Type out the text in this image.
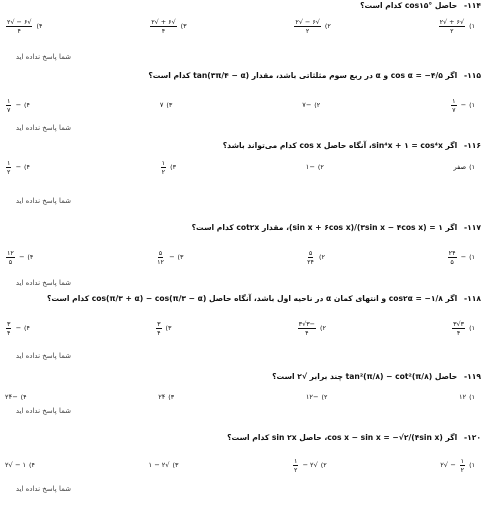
۱۱۴- حاصل cos۱۵° کدام است؟
۱)
$\frac{√۶ + √۲}{۲}$
۲)
$\frac{√۶ - √۲}{۲}$
۳)
$\frac{√۶ + √۲}{۴}$
۴)
$\frac{√۶ - √۲}{۴}$
شما پاسخ نداده اید
۱۱۵- اگر cos α = −۴/۵ و α در ربع سوم مثلثاتی باشد، مقدار tan(۳π/۴ − α) کدام است؟
۱)
−
$\frac{۱}{۷}$
۲)
−۷
۳)
۷
۴)
−
$\frac{۱}{۷}$
شما پاسخ نداده اید
۱۱۶- اگر sin⁴x + ۱ = cos⁴x، آنگاه حاصل cos x کدام می‌تواند باشد؟
۱)
صفر
۲)
−۱
۳)
$\frac{۱}{۲}$
۴)
−
$\frac{۱}{۲}$
شما پاسخ نداده اید
۱۱۷- اگر ۱ = (۳sin x − ۴cos x)/(sin x + ۶cos x)، مقدار cot۲x کدام است؟
۱)
−
$\frac{۲۴}{۵}$
۲)
$\frac{۵}{۲۴}$
۳)
−
$\frac{۵}{۱۲}$
۴)
−
$\frac{۱۲}{۵}$
شما پاسخ نداده اید
۱۱۸- اگر cos۲α = −۱/۸ و انتهای کمان α در ناحیه اول باشد، آنگاه حاصل cos(π/۳ + α) − cos(π/۳ − α) کدام است؟
۱)
$\frac{۳√۳}{۴}$
۲)
$\frac{-۳√۳}{۴}$
۳)
$\frac{۳}{۴}$
۴)
−
$\frac{۳}{۴}$
شما پاسخ نداده اید
۱۱۹- حاصل tan²(π/۸) − cot²(π/۸) چند برابر √۲ است؟
۱)
۱۲
۲)
−۱۲
۳)
۲۴
۴)
−۲۴
شما پاسخ نداده اید
۱۲۰- اگر cos x − sin x = −√۲/(۴sin x)، حاصل sin ۲x کدام است؟
۱)
$\frac{۱}{۲}$
− √۲
۲)
√۲ −
$\frac{۱}{۲}$
۳)
√۲ − ۱
۴)
۱ − √۲
شما پاسخ نداده اید
